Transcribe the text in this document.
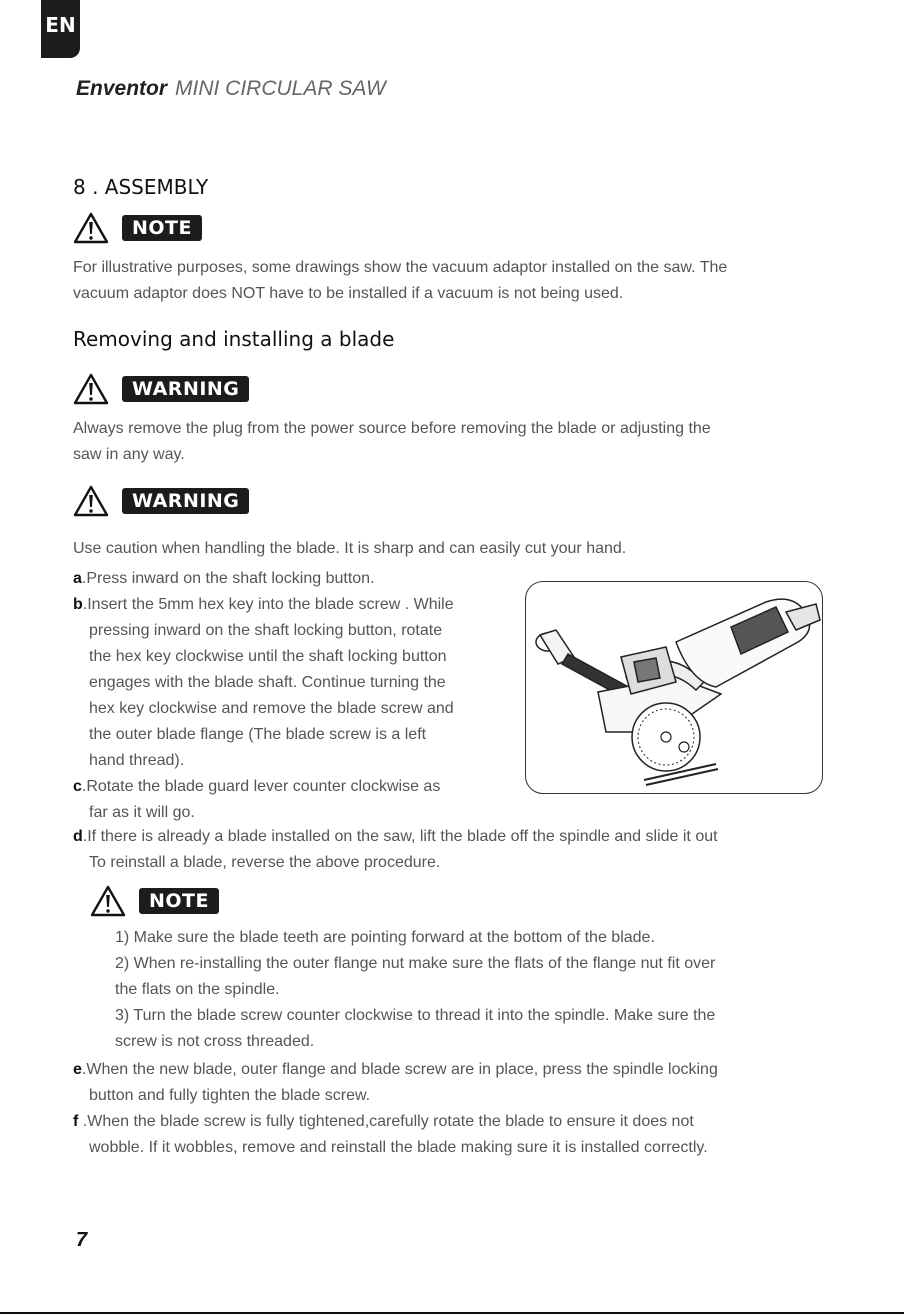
EN
Enventor MINI CIRCULAR SAW
8 . ASSEMBLY
NOTE
For illustrative purposes, some drawings show the vacuum adaptor installed on the saw. The
vacuum adaptor does NOT have to be installed if a vacuum is not being used.
Removing and installing a blade
WARNING
Always remove the plug from the power source before removing the blade or adjusting the
saw in any way.
WARNING
Use caution when handling the blade. It is sharp and can easily cut your hand.
a.Press inward on the shaft locking button.
b.Insert the 5mm hex key into the blade screw . While
pressing inward on the shaft locking button, rotate
the hex key clockwise until the shaft locking button
engages with the blade shaft. Continue turning the
hex key clockwise and remove the blade screw and
the outer blade flange (The blade screw is a left
hand thread).
c.Rotate the blade guard lever counter clockwise as
far as it will go.
d.If there is already a blade installed on the saw, lift the blade off the spindle and slide it out
To reinstall a blade, reverse the above procedure.
NOTE
1) Make sure the blade teeth are pointing forward at the bottom of the blade.
2) When re-installing the outer flange nut make sure the flats of the flange nut fit over
the flats on the spindle.
3) Turn the blade screw counter clockwise to thread it into the spindle. Make sure the
screw is not cross threaded.
e.When the new blade, outer flange and blade screw are in place, press the spindle locking
button and fully tighten the blade screw.
f .When the blade screw is fully tightened,carefully rotate the blade to ensure it does not
wobble. If it wobbles, remove and reinstall the blade making sure it is installed correctly.
7
